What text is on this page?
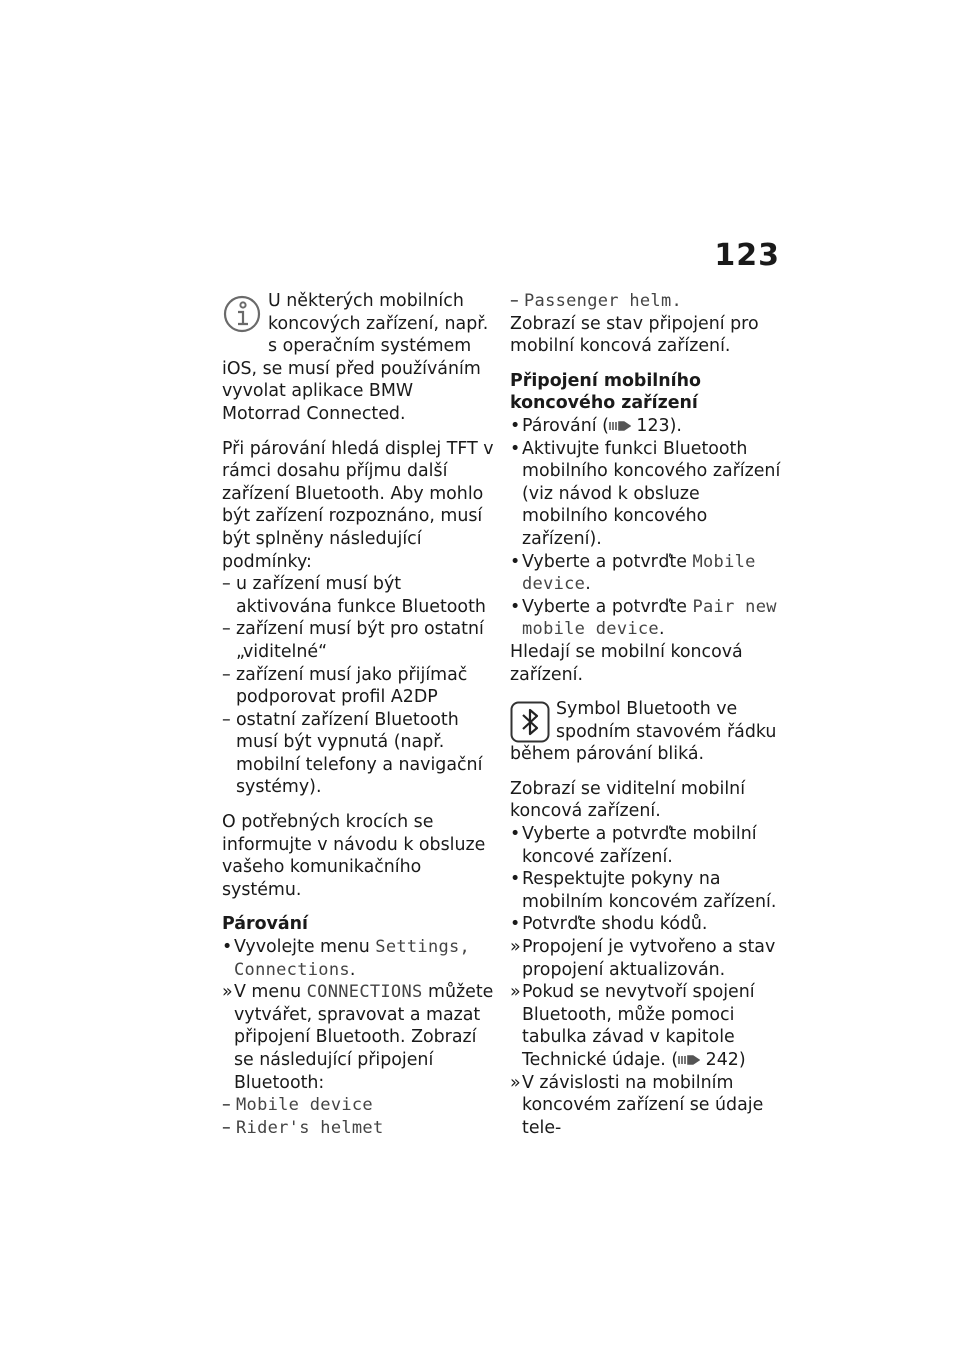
123
U některých mobilních koncových zařízení, např. s operačním systémem iOS, se musí před používáním vyvolat aplikace BMW Motorrad Connected.

Při párování hledá displej TFT v rámci dosahu příjmu další zařízení Bluetooth. Aby mohlo být zařízení rozpoznáno, musí být splněny následující podmínky:

– u zařízení musí být aktivována funkce Bluetooth
– zařízení musí být pro ostatní „viditelné“
– zařízení musí jako přijímač podporovat profil A2DP
– ostatní zařízení Bluetooth musí být vypnutá (např. mobilní telefony a navigační systémy).

O potřebných krocích se informujte v návodu k obsluze vašeho komunikačního systému.

Párování
• Vyvolejte menu Settings, Connections.
» V menu CONNECTIONS můžete vytvářet, spravovat a mazat připojení Bluetooth. Zobrazí se následující připojení Bluetooth:
– Mobile device
– Rider's helmet
– Passenger helm.

Zobrazí se stav připojení pro mobilní koncová zařízení.

Připojení mobilního koncového zařízení
• Párování ( 123).
• Aktivujte funkci Bluetooth mobilního koncového zařízení (viz návod k obsluze mobilního koncového zařízení).
• Vyberte a potvrďte Mobile device.
• Vyberte a potvrďte Pair new mobile device.

Hledají se mobilní koncová zařízení.

Symbol Bluetooth ve spodním stavovém řádku během párování bliká.

Zobrazí se viditelní mobilní koncová zařízení.

• Vyberte a potvrďte mobilní koncové zařízení.
• Respektujte pokyny na mobilním koncovém zařízení.
• Potvrďte shodu kódů.
» Propojení je vytvořeno a stav propojení aktualizován.
» Pokud se nevytvoří spojení Bluetooth, může pomoci tabulka závad v kapitole Technické údaje. ( 242)
» V závislosti na mobilním koncovém zařízení se údaje tele-
